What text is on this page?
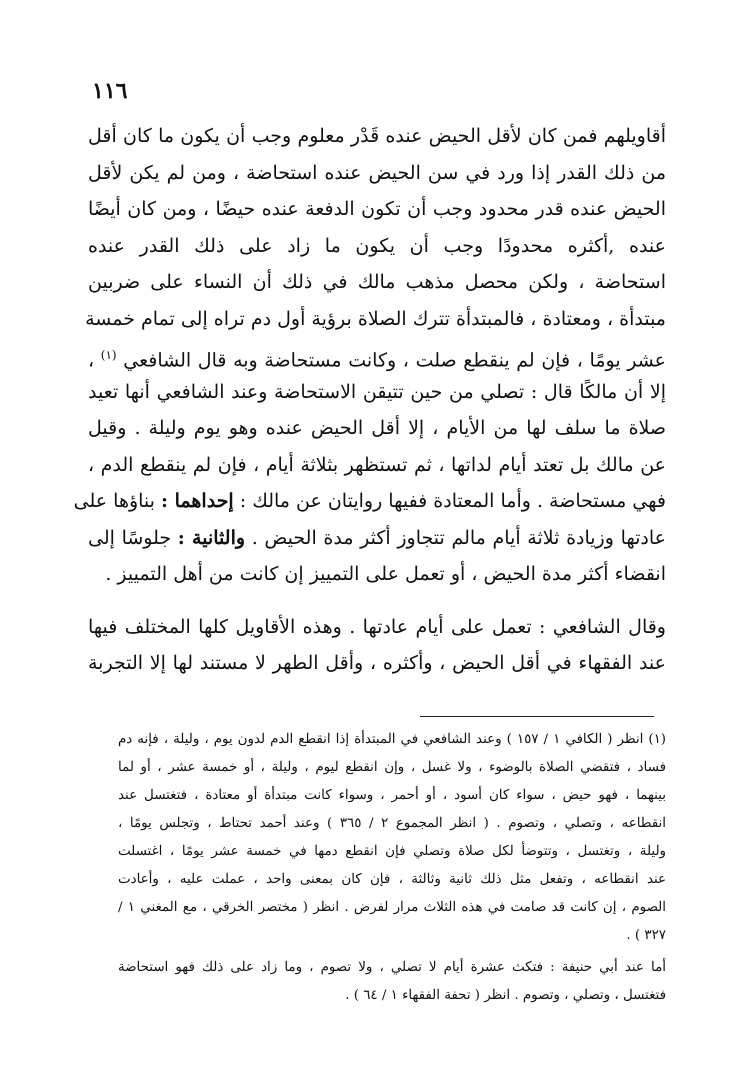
١١٦
أقاويلهم فمن كان لأقل الحيض عنده قَدْر معلوم وجب أن يكون ما كان أقل
من ذلك القدر إذا ورد في سن الحيض عنده استحاضة ، ومن لم يكن لأقل
الحيض عنده قدر محدود وجب أن تكون الدفعة عنده حيضًا ، ومن كان أيضًا
عنده ,أكثره محدودًا وجب أن يكون ما زاد على ذلك القدر عنده
استحاضة ، ولكن محصل مذهب مالك في ذلك أن النساء على ضربين
مبتدأة ، ومعتادة ، فالمبتدأة تترك الصلاة برؤية أول دم تراه إلى تمام خمسة
عشر يومًا ، فإن لم ينقطع صلت ، وكانت مستحاضة وبه قال الشافعي $^{(١)}$ ،
إلا أن مالكًا قال : تصلي من حين تتيقن الاستحاضة وعند الشافعي أنها تعيد
صلاة ما سلف لها من الأيام ، إلا أقل الحيض عنده وهو يوم وليلة . وقيل
عن مالك بل تعتد أيام لداتها ، ثم تستظهر بثلاثة أيام ، فإن لم ينقطع الدم ،
فهي مستحاضة . وأما المعتادة ففيها روايتان عن مالك : إحداهما : بناؤها على
عادتها وزيادة ثلاثة أيام مالم تتجاوز أكثر مدة الحيض . والثانية : جلوسًا إلى
انقضاء أكثر مدة الحيض ، أو تعمل على التمييز إن كانت من أهل التمييز .
وقال الشافعي : تعمل على أيام عادتها . وهذه الأقاويل كلها المختلف فيها
عند الفقهاء في أقل الحيض ، وأكثره ، وأقل الطهر لا مستند لها إلا التجربة
(١) انظر ( الكافي ١ / ١٥٧ ) وعند الشافعي في المبتدأة إذا انقطع الدم لدون يوم ، وليلة ، فإنه دم
فساد ، فتقضي الصلاة بالوضوء ، ولا غسل ، وإن انقطع ليوم ، وليلة ، أو خمسة عشر ، أو لما
بينهما ، فهو حيض ، سواء كان أسود ، أو أحمر ، وسواء كانت مبتدأة أو معتادة ، فتغتسل عند
انقطاعه ، وتصلي ، وتصوم . ( انظر المجموع ٢ / ٣٦٥ ) وعند أحمد تحتاط ، وتجلس يومًا ،
وليلة ، وتغتسل ، وتتوضأ لكل صلاة وتصلي فإن انقطع دمها في خمسة عشر يومًا ، اغتسلت
عند انقطاعه ، وتفعل مثل ذلك ثانية وثالثة ، فإن كان بمعنى واحد ، عملت عليه ، وأعادت
الصوم ، إن كانت قد صامت في هذه الثلاث مرار لفرض . انظر ( مختصر الخرقي ، مع المغني ١ /
٣٢٧ ) .
أما عند أبي حنيفة : فتكث عشرة أيام لا تصلي ، ولا تصوم ، وما زاد على ذلك فهو استحاضة
فتغتسل ، وتصلي ، وتصوم . انظر ( تحفة الفقهاء ١ / ٦٤ ) .
